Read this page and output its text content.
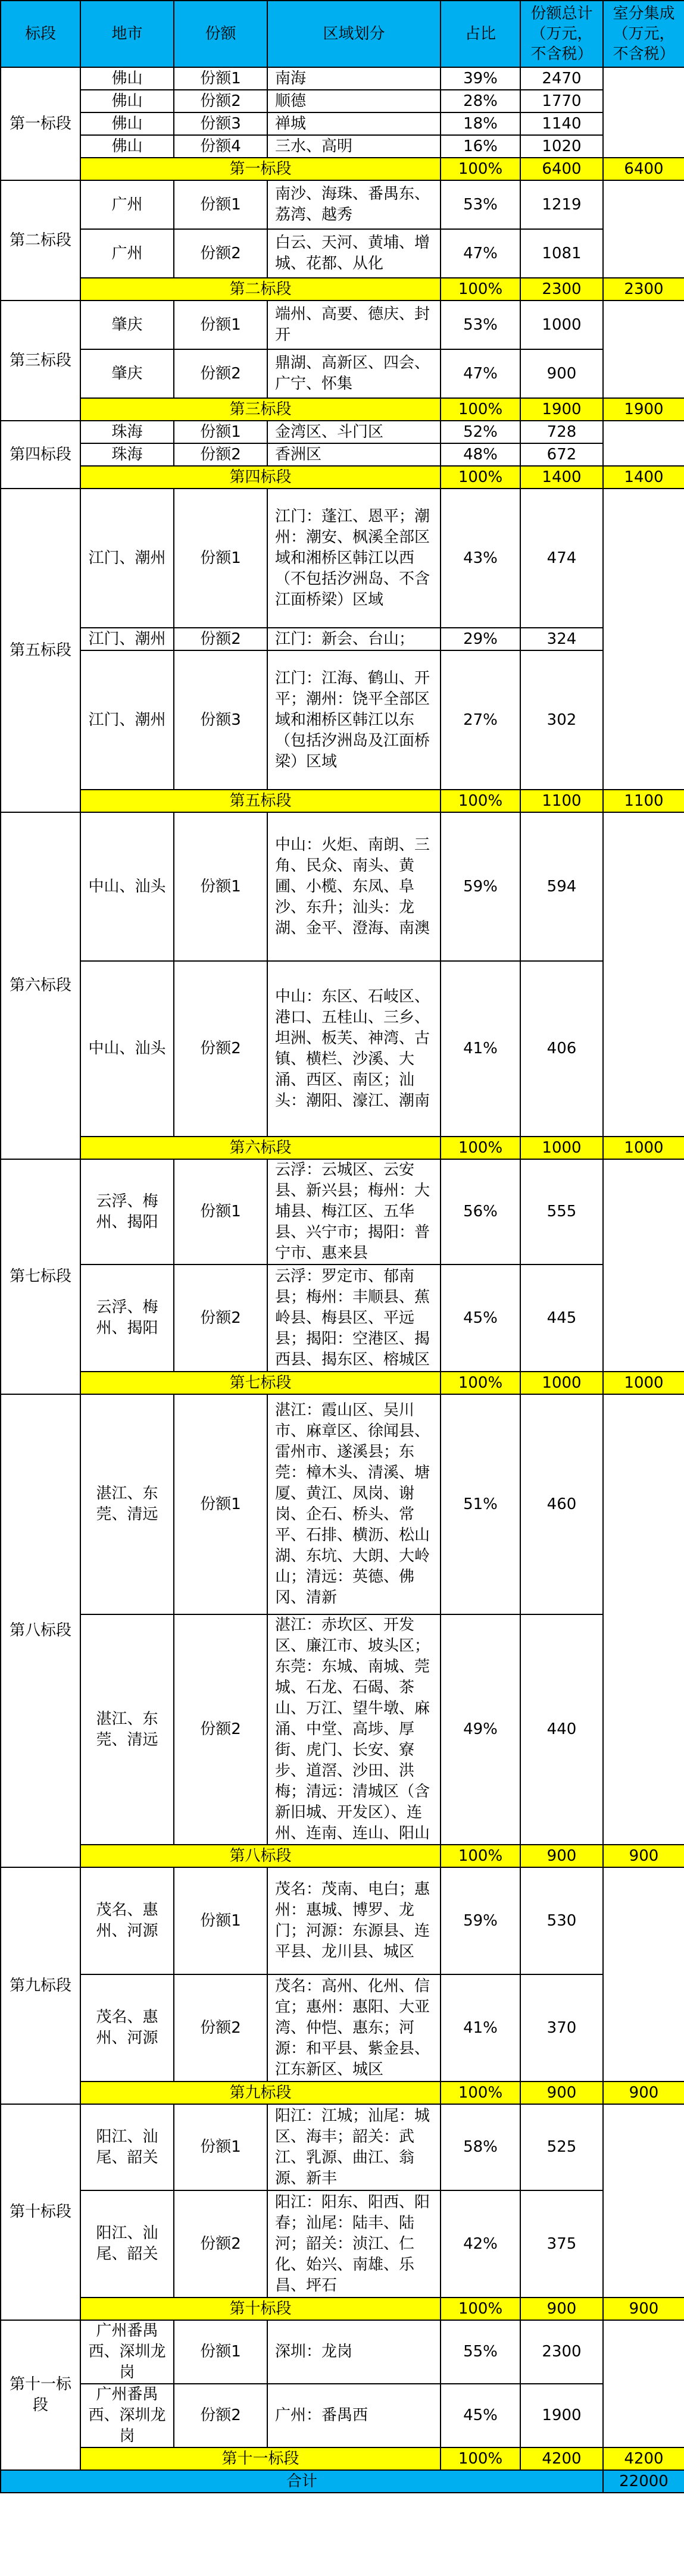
标段	地市	份额	区域划分	占比	份额总计（万元，不含税）	室分集成（万元，不含税）
第一标段	佛山	份额1	南海	39%	2470	
	佛山	份额2	顺德	28%	1770	
	佛山	份额3	禅城	18%	1140	
	佛山	份额4	三水、高明	16%	1020	
	第一标段			100%	6400	6400
第二标段	广州	份额1	南沙、海珠、番禺东、荔湾、越秀	53%	1219	
	广州	份额2	白云、天河、黄埔、增城、花都、从化	47%	1081	
	第二标段			100%	2300	2300
第三标段	肇庆	份额1	端州、高要、德庆、封开	53%	1000	
	肇庆	份额2	鼎湖、高新区、四会、广宁、怀集	47%	900	
	第三标段			100%	1900	1900
第四标段	珠海	份额1	金湾区、斗门区	52%	728	
	珠海	份额2	香洲区	48%	672	
	第四标段			100%	1400	1400
第五标段	江门、潮州	份额1	江门：蓬江、恩平；潮州：潮安、枫溪全部区域和湘桥区韩江以西（不包括汐洲岛、不含江面桥梁）区域	43%	474	
	江门、潮州	份额2	江门：新会、台山；	29%	324	
	江门、潮州	份额3	江门：江海、鹤山、开平；潮州：饶平全部区域和湘桥区韩江以东（包括汐洲岛及江面桥梁）区域	27%	302	
	第五标段			100%	1100	1100
第六标段	中山、汕头	份额1	中山：火炬、南朗、三角、民众、南头、黄圃、小榄、东凤、阜沙、东升；汕头：龙湖、金平、澄海、南澳	59%	594	
	中山、汕头	份额2	中山：东区、石岐区、港口、五桂山、三乡、坦洲、板芙、神湾、古镇、横栏、沙溪、大涌、西区、南区；汕头：潮阳、濠江、潮南	41%	406	
	第六标段			100%	1000	1000
第七标段	云浮、梅州、揭阳	份额1	云浮：云城区、云安县、新兴县；梅州：大埔县、梅江区、五华县、兴宁市；揭阳：普宁市、惠来县	56%	555	
	云浮、梅州、揭阳	份额2	云浮：罗定市、郁南县；梅州：丰顺县、蕉岭县、梅县区、平远县；揭阳：空港区、揭西县、揭东区、榕城区	45%	445	
	第七标段			100%	1000	1000
第八标段	湛江、东莞、清远	份额1	湛江：霞山区、吴川市、麻章区、徐闻县、雷州市、遂溪县；东莞：樟木头、清溪、塘厦、黄江、凤岗、谢岗、企石、桥头、常平、石排、横沥、松山湖、东坑、大朗、大岭山；清远：英德、佛冈、清新	51%	460	
	湛江、东莞、清远	份额2	湛江：赤坎区、开发区、廉江市、坡头区；东莞：东城、南城、莞城、石龙、石碣、茶山、万江、望牛墩、麻涌、中堂、高埗、厚街、虎门、长安、寮步、道滘、沙田、洪梅；清远：清城区（含新旧城、开发区）、连州、连南、连山、阳山	49%	440	
	第八标段			100%	900	900
第九标段	茂名、惠州、河源	份额1	茂名：茂南、电白；惠州：惠城、博罗、龙门；河源：东源县、连平县、龙川县、城区	59%	530	
	茂名、惠州、河源	份额2	茂名：高州、化州、信宜；惠州：惠阳、大亚湾、仲恺、惠东；河源：和平县、紫金县、江东新区、城区	41%	370	
	第九标段			100%	900	900
第十标段	阳江、汕尾、韶关	份额1	阳江：江城；汕尾：城区、海丰；韶关：武江、乳源、曲江、翁源、新丰	58%	525	
	阳江、汕尾、韶关	份额2	阳江：阳东、阳西、阳春；汕尾：陆丰、陆河；韶关：浈江、仁化、始兴、南雄、乐昌、坪石	42%	375	
	第十标段			100%	900	900
第十一标段	广州番禺西、深圳龙岗	份额1	深圳：龙岗	55%	2300	
	广州番禺西、深圳龙岗	份额2	广州：番禺西	45%	1900	
	第十一标段			100%	4200	4200
合计						22000
